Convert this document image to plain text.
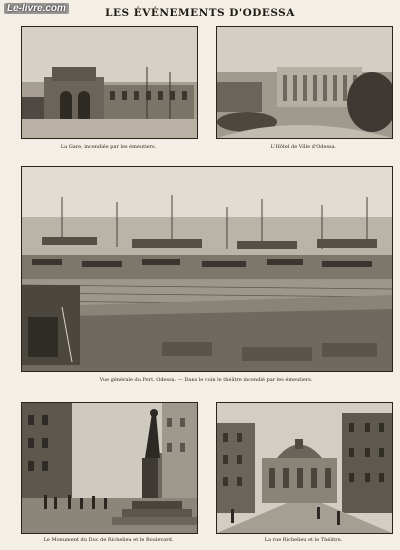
Le-livre.com	LES ÉVÉNEMENTS D'ODESSA
La Gare, incendiée par les émeutiers.	L'Hôtel de Ville d'Odessa.
Vue générale du Port. Odessa. — Dans le coin le théâtre incendié par les émeutiers.
Le Monument du Duc de Richelieu et le Boulevard.	La rue Richelieu et le Théâtre.
